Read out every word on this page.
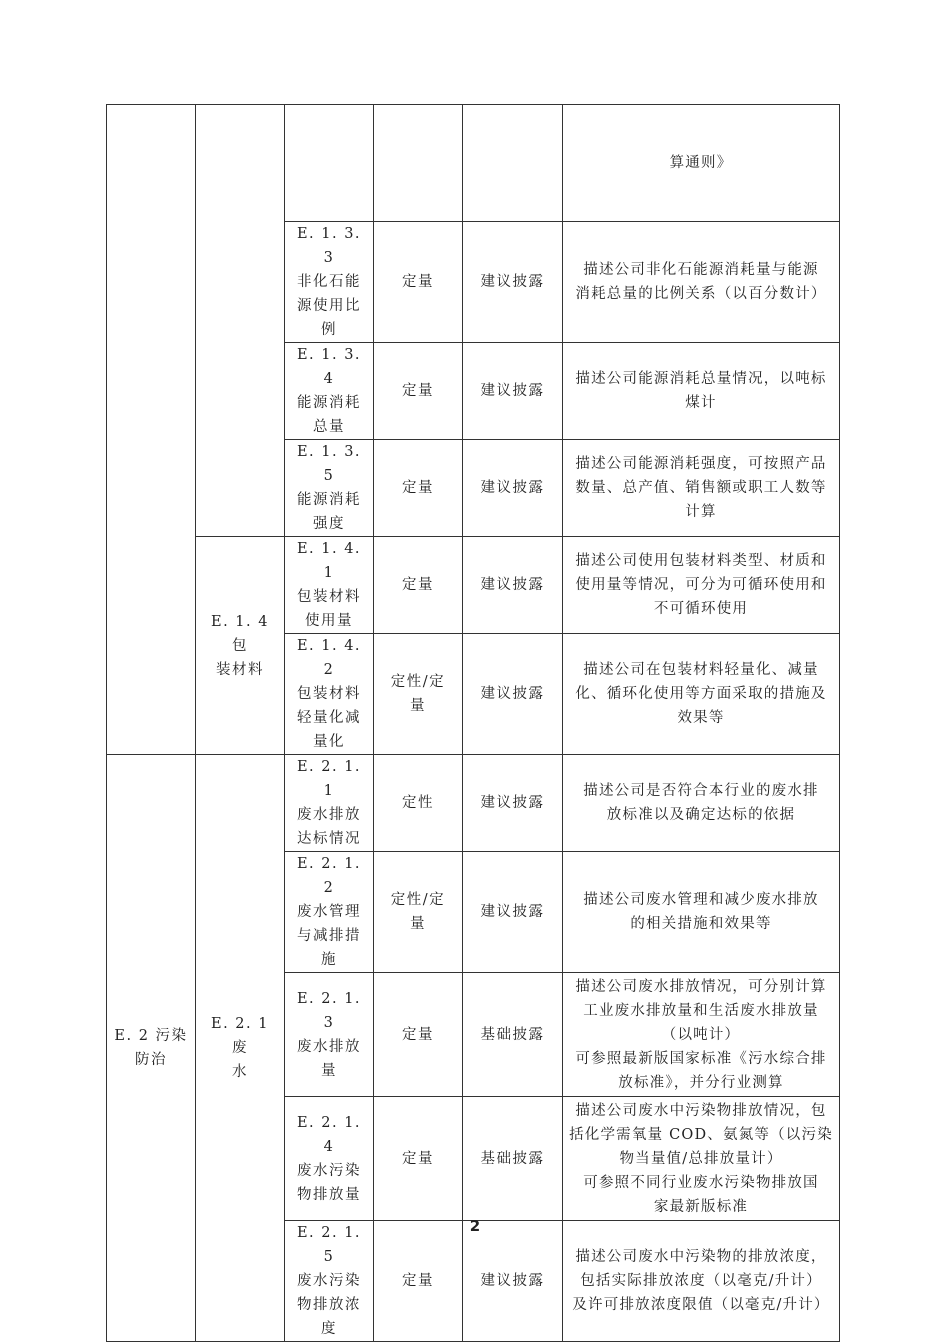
					算通则》

		E. 1. 3. 3
非化石能
源使用比
例	定量	建议披露	描述公司非化石能源消耗量与能源
消耗总量的比例关系（以百分数计）

		E. 1. 3. 4
能源消耗
总量	定量	建议披露	描述公司能源消耗总量情况，以吨标
煤计

		E. 1. 3. 5
能源消耗
强度	定量	建议披露	描述公司能源消耗强度，可按照产品
数量、总产值、销售额或职工人数等
计算

	E. 1. 4 包
装材料	E. 1. 4. 1
包装材料
使用量	定量	建议披露	描述公司使用包装材料类型、材质和
使用量等情况，可分为可循环使用和
不可循环使用

		E. 1. 4. 2
包装材料
轻量化减
量化	定性/定
量	建议披露	描述公司在包装材料轻量化、减量
化、循环化使用等方面采取的措施及
效果等

E. 2 污染
防治	E. 2. 1 废
水	E. 2. 1. 1
废水排放
达标情况	定性	建议披露	描述公司是否符合本行业的废水排
放标准以及确定达标的依据

		E. 2. 1. 2
废水管理
与减排措
施	定性/定
量	建议披露	描述公司废水管理和减少废水排放
的相关措施和效果等

		E. 2. 1. 3
废水排放
量	定量	基础披露	描述公司废水排放情况，可分别计算
工业废水排放量和生活废水排放量
（以吨计）
可参照最新版国家标准《污水综合排
放标准》，并分行业测算

		E. 2. 1. 4
废水污染
物排放量	定量	基础披露	描述公司废水中污染物排放情况，包
括化学需氧量 COD、氨氮等（以污染
物当量值/总排放量计）
可参照不同行业废水污染物排放国
家最新版标准

		E. 2. 1. 5
废水污染
物排放浓
度	定量	建议披露	描述公司废水中污染物的排放浓度，
包括实际排放浓度（以毫克/升计）
及许可排放浓度限值（以毫克/升计）
2
